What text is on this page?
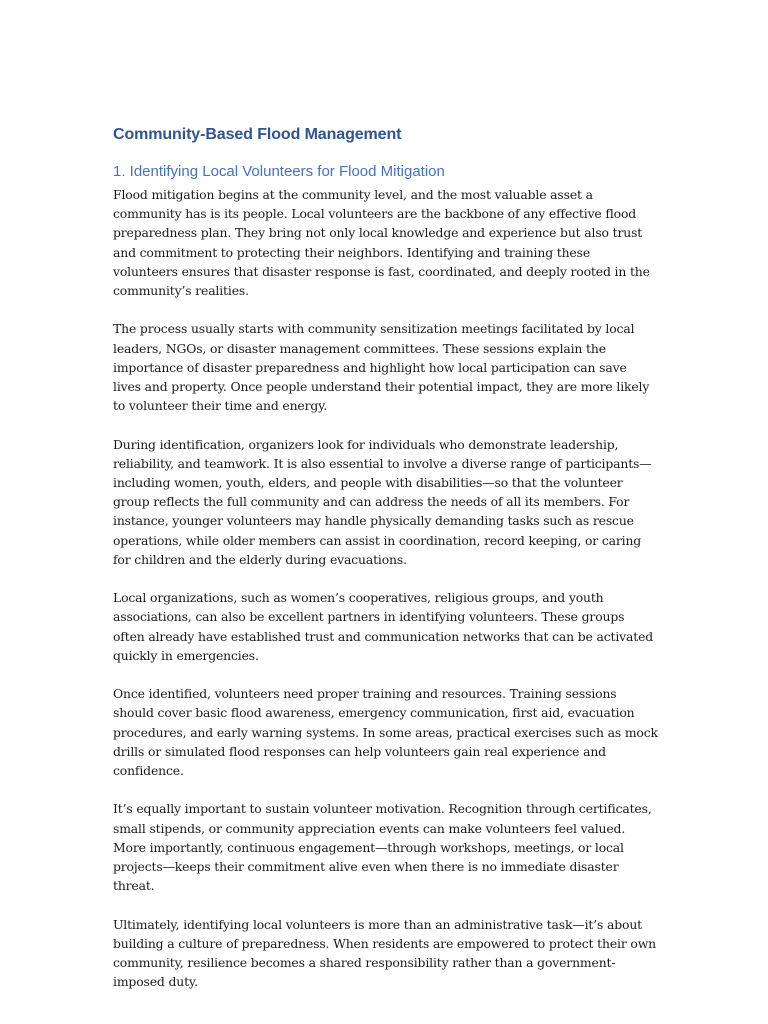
Community-Based Flood Management
1. Identifying Local Volunteers for Flood Mitigation

Flood mitigation begins at the community level, and the most valuable asset a community has is its people. Local volunteers are the backbone of any effective flood preparedness plan. They bring not only local knowledge and experience but also trust and commitment to protecting their neighbors. Identifying and training these volunteers ensures that disaster response is fast, coordinated, and deeply rooted in the community’s realities.

The process usually starts with community sensitization meetings facilitated by local leaders, NGOs, or disaster management committees. These sessions explain the importance of disaster preparedness and highlight how local participation can save lives and property. Once people understand their potential impact, they are more likely to volunteer their time and energy.

During identification, organizers look for individuals who demonstrate leadership, reliability, and teamwork. It is also essential to involve a diverse range of participants—including women, youth, elders, and people with disabilities—so that the volunteer group reflects the full community and can address the needs of all its members. For instance, younger volunteers may handle physically demanding tasks such as rescue operations, while older members can assist in coordination, record keeping, or caring for children and the elderly during evacuations.

Local organizations, such as women’s cooperatives, religious groups, and youth associations, can also be excellent partners in identifying volunteers. These groups often already have established trust and communication networks that can be activated quickly in emergencies.

Once identified, volunteers need proper training and resources. Training sessions should cover basic flood awareness, emergency communication, first aid, evacuation procedures, and early warning systems. In some areas, practical exercises such as mock drills or simulated flood responses can help volunteers gain real experience and confidence.

It’s equally important to sustain volunteer motivation. Recognition through certificates, small stipends, or community appreciation events can make volunteers feel valued. More importantly, continuous engagement—through workshops, meetings, or local projects—keeps their commitment alive even when there is no immediate disaster threat.

Ultimately, identifying local volunteers is more than an administrative task—it’s about building a culture of preparedness. When residents are empowered to protect their own community, resilience becomes a shared responsibility rather than a government-imposed duty.
